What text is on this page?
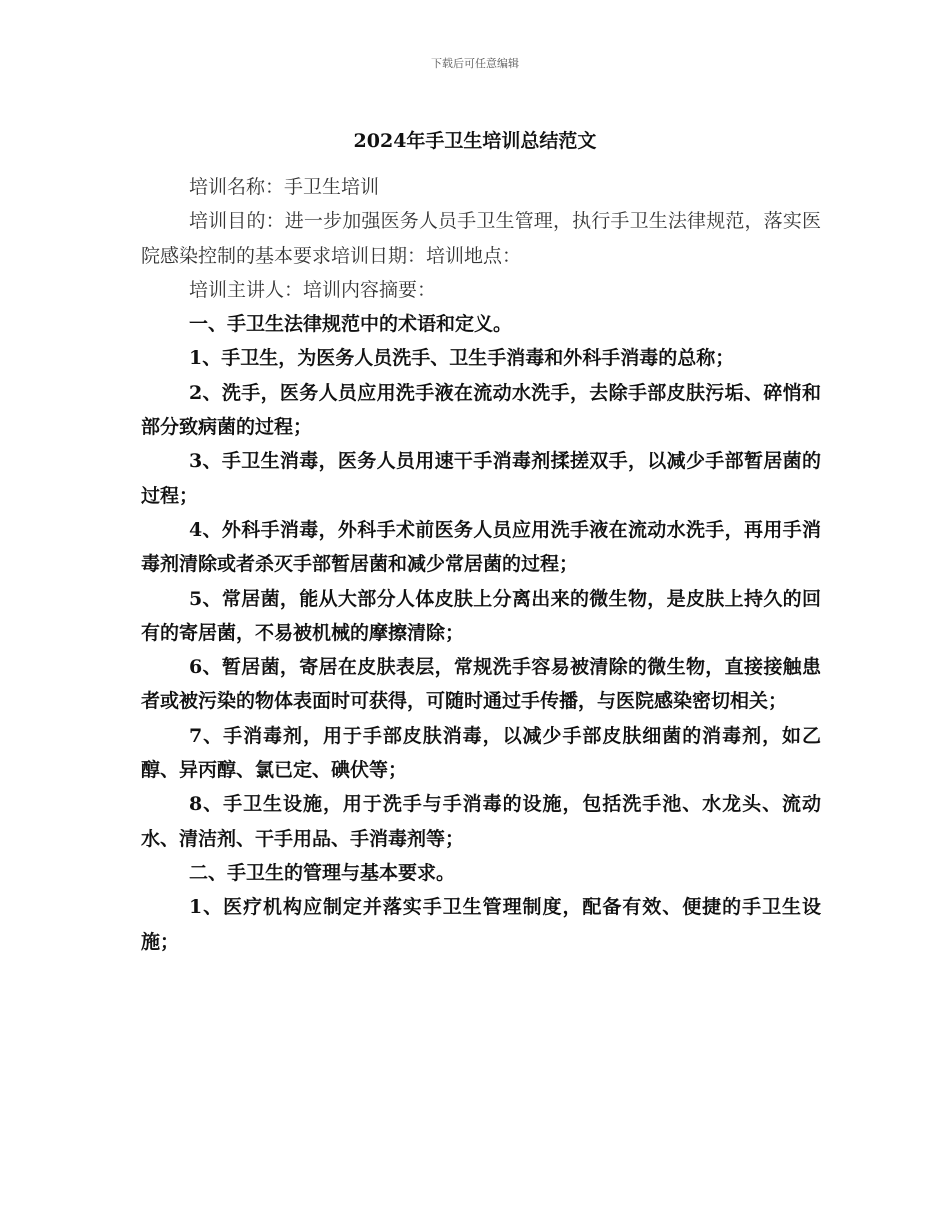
下载后可任意编辑
2024年手卫生培训总结范文

培训名称：手卫生培训

培训目的：进一步加强医务人员手卫生管理，执行手卫生法律规范，落实医院感染控制的基本要求培训日期：培训地点：

培训主讲人：培训内容摘要：

一、手卫生法律规范中的术语和定义。

1、手卫生，为医务人员洗手、卫生手消毒和外科手消毒的总称；

2、洗手，医务人员应用洗手液在流动水洗手，去除手部皮肤污垢、碎悄和部分致病菌的过程；

3、手卫生消毒，医务人员用速干手消毒剂揉搓双手，以减少手部暂居菌的过程；

4、外科手消毒，外科手术前医务人员应用洗手液在流动水洗手，再用手消毒剂清除或者杀灭手部暂居菌和减少常居菌的过程；

5、常居菌，能从大部分人体皮肤上分离出来的微生物，是皮肤上持久的回有的寄居菌，不易被机械的摩擦清除；

6、暂居菌，寄居在皮肤表层，常规洗手容易被清除的微生物，直接接触患者或被污染的物体表面时可获得，可随时通过手传播，与医院感染密切相关；

7、手消毒剂，用于手部皮肤消毒，以减少手部皮肤细菌的消毒剂，如乙醇、异丙醇、氯已定、碘伏等；

8、手卫生设施，用于洗手与手消毒的设施，包括洗手池、水龙头、流动水、清洁剂、干手用品、手消毒剂等；

二、手卫生的管理与基本要求。

1、医疗机构应制定并落实手卫生管理制度，配备有效、便捷的手卫生设施；
